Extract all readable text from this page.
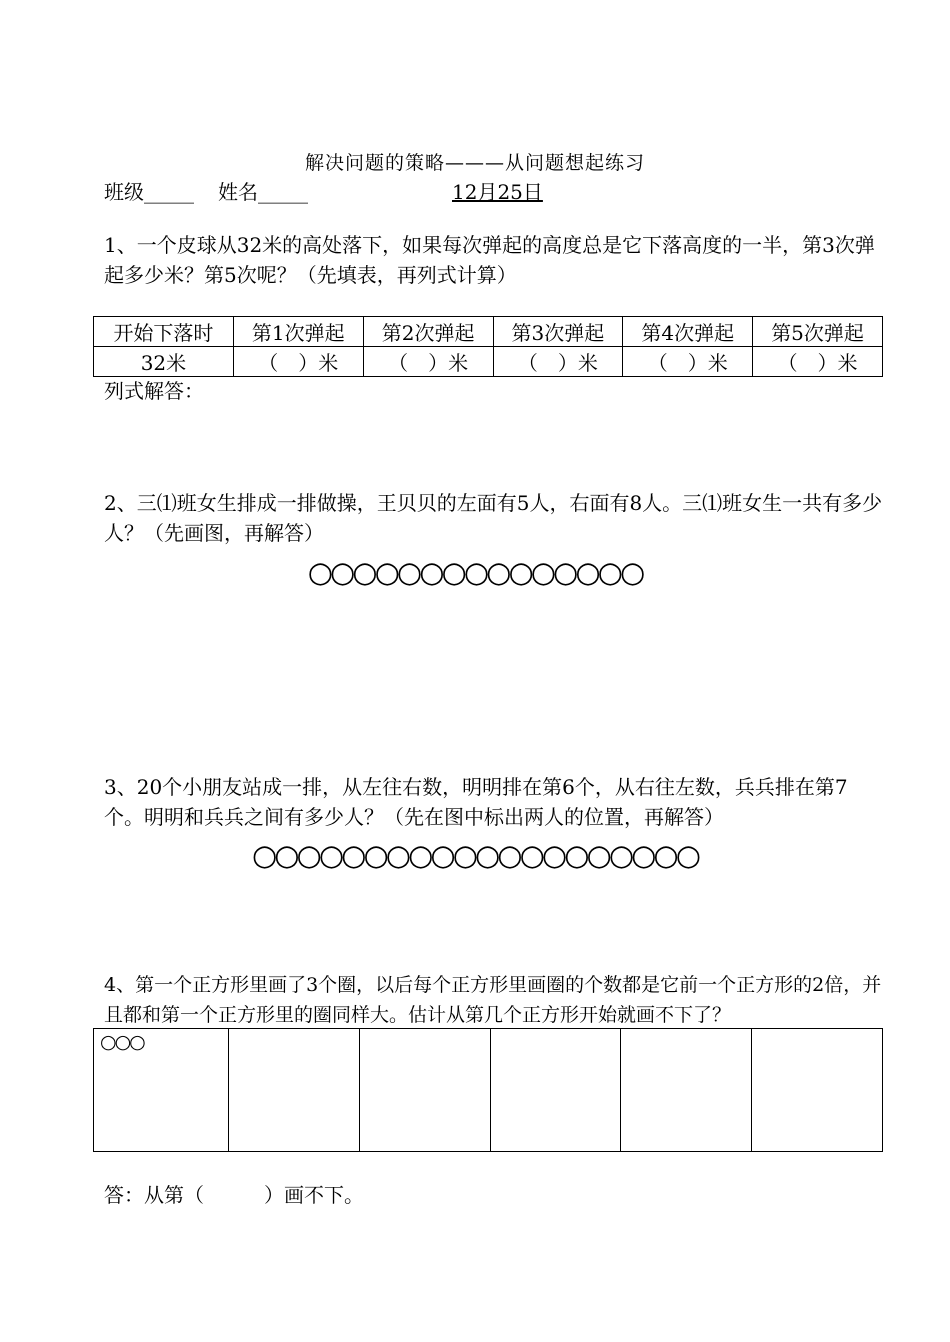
解决问题的策略———从问题想起练习
班级_____ 姓名_____	12月25日
1、一个皮球从32米的高处落下，如果每次弹起的高度总是它下落高度的一半，第3次弹起多少米？第5次呢？（先填表，再列式计算）
开始下落时	第1次弹起	第2次弹起	第3次弹起	第4次弹起	第5次弹起
32米	（　）米	（　）米	（　）米	（　）米	（　）米
列式解答：
2、三⑴班女生排成一排做操，王贝贝的左面有5人，右面有8人。三⑴班女生一共有多少人？（先画图，再解答）
○○○○○○○○○○○○○○○
3、20个小朋友站成一排，从左往右数，明明排在第6个，从右往左数，兵兵排在第7个。明明和兵兵之间有多少人？（先在图中标出两人的位置，再解答）
○○○○○○○○○○○○○○○○○○○○
4、第一个正方形里画了3个圈，以后每个正方形里画圈的个数都是它前一个正方形的2倍，并且都和第一个正方形里的圈同样大。估计从第几个正方形开始就画不下了？
○○○					
答：从第（　　　）画不下。
